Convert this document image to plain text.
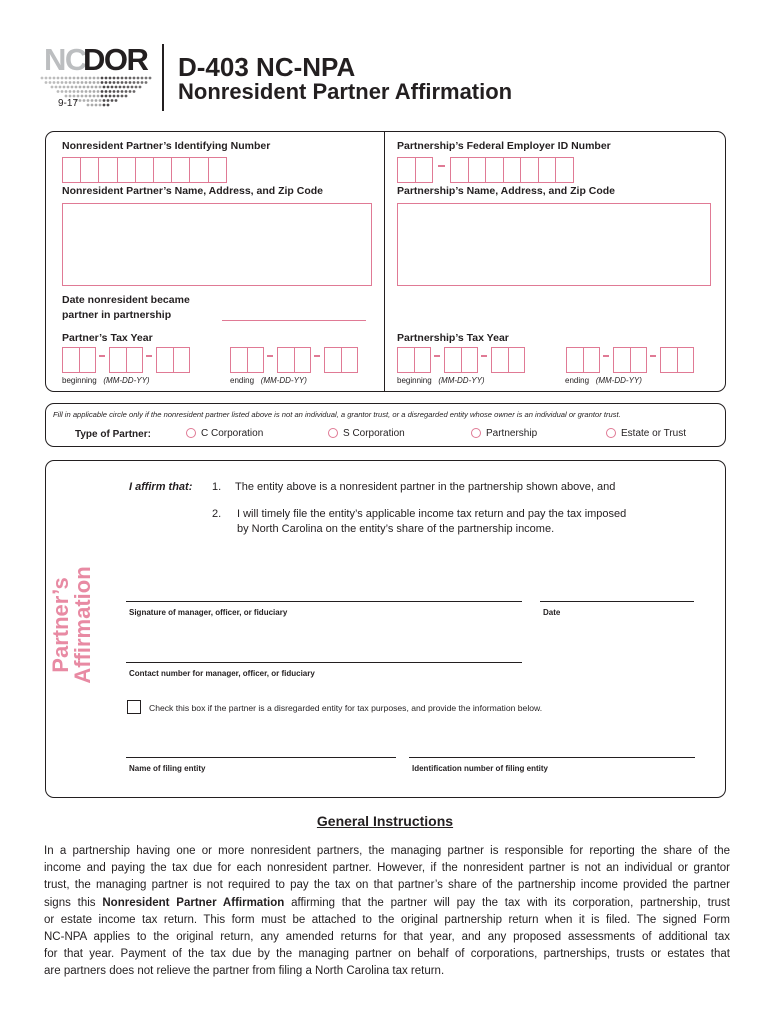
NC
DOR
9-17
D-403 NC-NPA
Nonresident Partner Affirmation
Nonresident Partner’s Identifying Number	Partnership’s Federal Employer ID Number
Nonresident Partner’s Name, Address, and Zip Code	Partnership’s Name, Address, and Zip Code
Date nonresident became
partner in partnership
Partner’s Tax Year	Partnership’s Tax Year
beginning (MM-DD-YY)	ending (MM-DD-YY)	beginning (MM-DD-YY)	ending (MM-DD-YY)
Fill in applicable circle only if the nonresident partner listed above is not an individual, a grantor trust, or a disregarded entity whose owner is an individual or grantor trust.
Type of Partner:	C Corporation	S Corporation	Partnership	Estate or Trust
Partner’s
Affirmation
I affirm that: 1. The entity above is a nonresident partner in the partnership shown above, and
2. I will timely file the entity’s applicable income tax return and pay the tax imposed
by North Carolina on the entity’s share of the partnership income.
Signature of manager, officer, or fiduciary	Date
Contact number for manager, officer, or fiduciary
Check this box if the partner is a disregarded entity for tax purposes, and provide the information below.
Name of filing entity	Identification number of filing entity
General Instructions
In a partnership having one or more nonresident partners, the managing partner is responsible for reporting the share of the
income and paying the tax due for each nonresident partner. However, if the nonresident partner is not an individual or grantor
trust, the managing partner is not required to pay the tax on that partner’s share of the partnership income provided the partner
signs this Nonresident Partner Affirmation affirming that the partner will pay the tax with its corporation, partnership, trust
or estate income tax return. This form must be attached to the original partnership return when it is filed. The signed Form
NC-NPA applies to the original return, any amended returns for that year, and any proposed assessments of additional tax
for that year. Payment of the tax due by the managing partner on behalf of corporations, partnerships, trusts or estates that
are partners does not relieve the partner from filing a North Carolina tax return.
